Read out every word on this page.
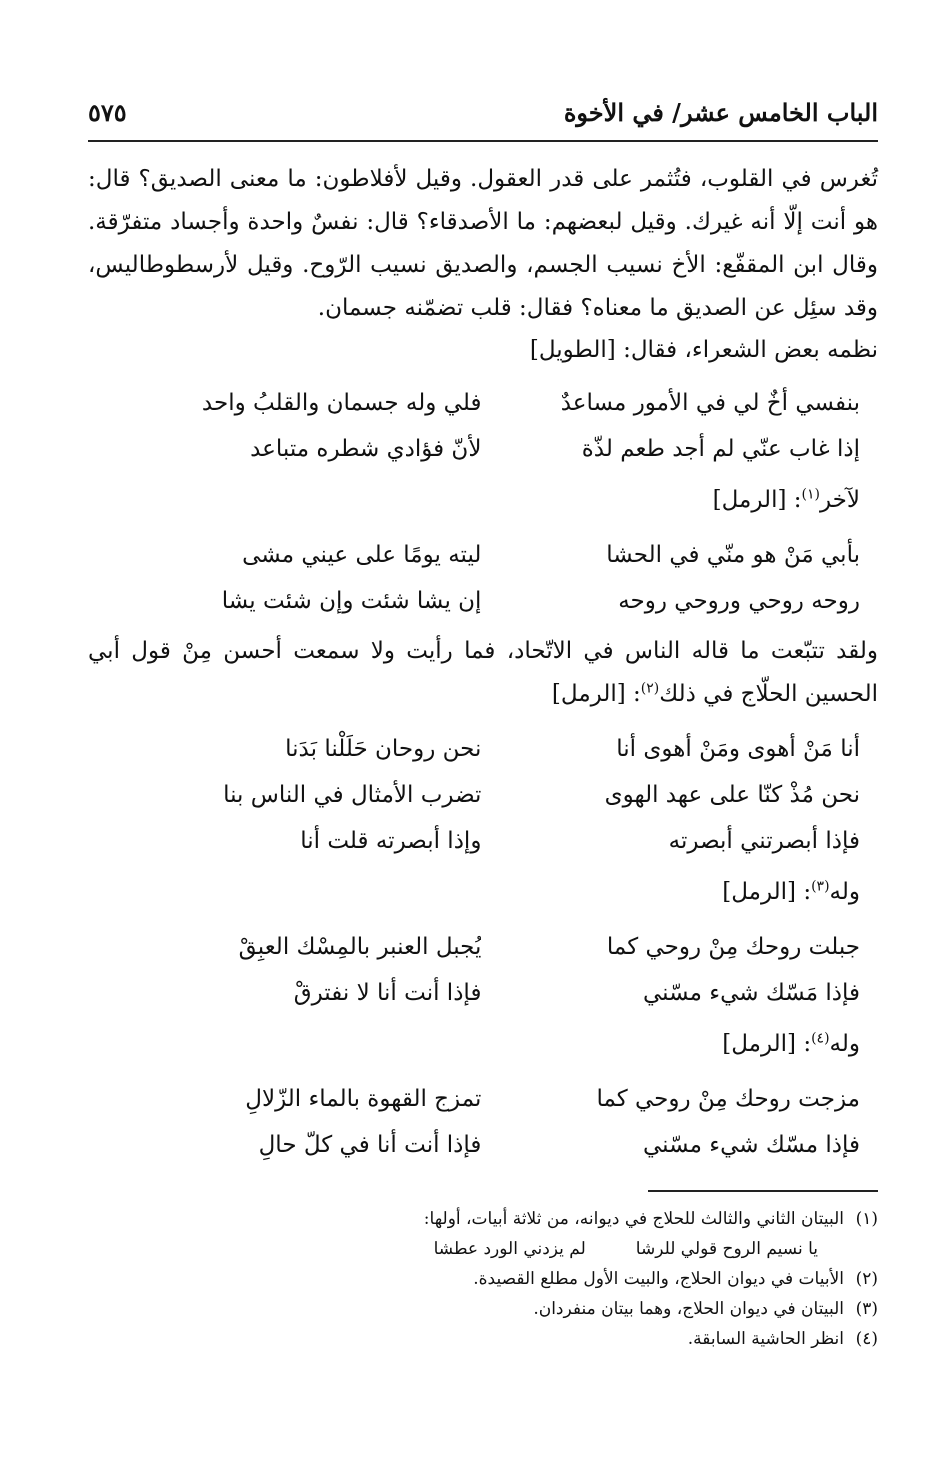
الباب الخامس عشر/ في الأخوة
٥٧٥

تُغرس في القلوب، فتُثمر على قدر العقول. وقيل لأفلاطون: ما معنى الصديق؟ قال: هو أنت إلّا أنه غيرك. وقيل لبعضهم: ما الأصدقاء؟ قال: نفسٌ واحدة وأجساد متفرّقة. وقال ابن المقفّع: الأخ نسيب الجسم، والصديق نسيب الرّوح. وقيل لأرسطوطاليس، وقد سئِل عن الصديق ما معناه؟ فقال: قلب تضمّنه جسمان.

نظمه بعض الشعراء، فقال: [الطويل]

بنفسي أخٌ لي في الأمور مساعدٌ
فلي وله جسمان والقلبُ واحد
إذا غاب عنّي لم أجد طعم لذّة
لأنّ فؤادي شطره متباعد
لآخر$^{(١)}$: [الرمل]
بأبي مَنْ هو منّي في الحشا
ليته يومًا على عيني مشى
روحه روحي وروحي روحه
إن يشا شئت وإن شئت يشا

ولقد تتبّعت ما قاله الناس في الاتّحاد، فما رأيت ولا سمعت أحسن مِنْ قول أبي الحسين الحلّاج في ذلك$^{(٢)}$: [الرمل]

أنا مَنْ أهوى ومَنْ أهوى أنا
نحن روحان حَلَلْنا بَدَنا
نحن مُذْ كنّا على عهد الهوى
تضرب الأمثال في الناس بنا
فإذا أبصرتني أبصرته
وإذا أبصرته قلت أنا
وله$^{(٣)}$: [الرمل]
جبلت روحك مِنْ روحي كما
يُجبل العنبر بالمِسْك العبِقْ
فإذا مَسّك شيء مسّني
فإذا أنت أنا لا نفترقْ
وله$^{(٤)}$: [الرمل]
مزجت روحك مِنْ روحي كما
تمزج القهوة بالماء الزّلالِ
فإذا مسّك شيء مسّني
فإذا أنت أنا في كلّ حالِ
(١)
البيتان الثاني والثالث للحلاج في ديوانه، من ثلاثة أبيات، أولها:
يا نسيم الروح قولي للرشا
لم يزدني الورد عطشا
(٢)
الأبيات في ديوان الحلاج، والبيت الأول مطلع القصيدة.
(٣)
البيتان في ديوان الحلاج، وهما بيتان منفردان.
(٤)
انظر الحاشية السابقة.
